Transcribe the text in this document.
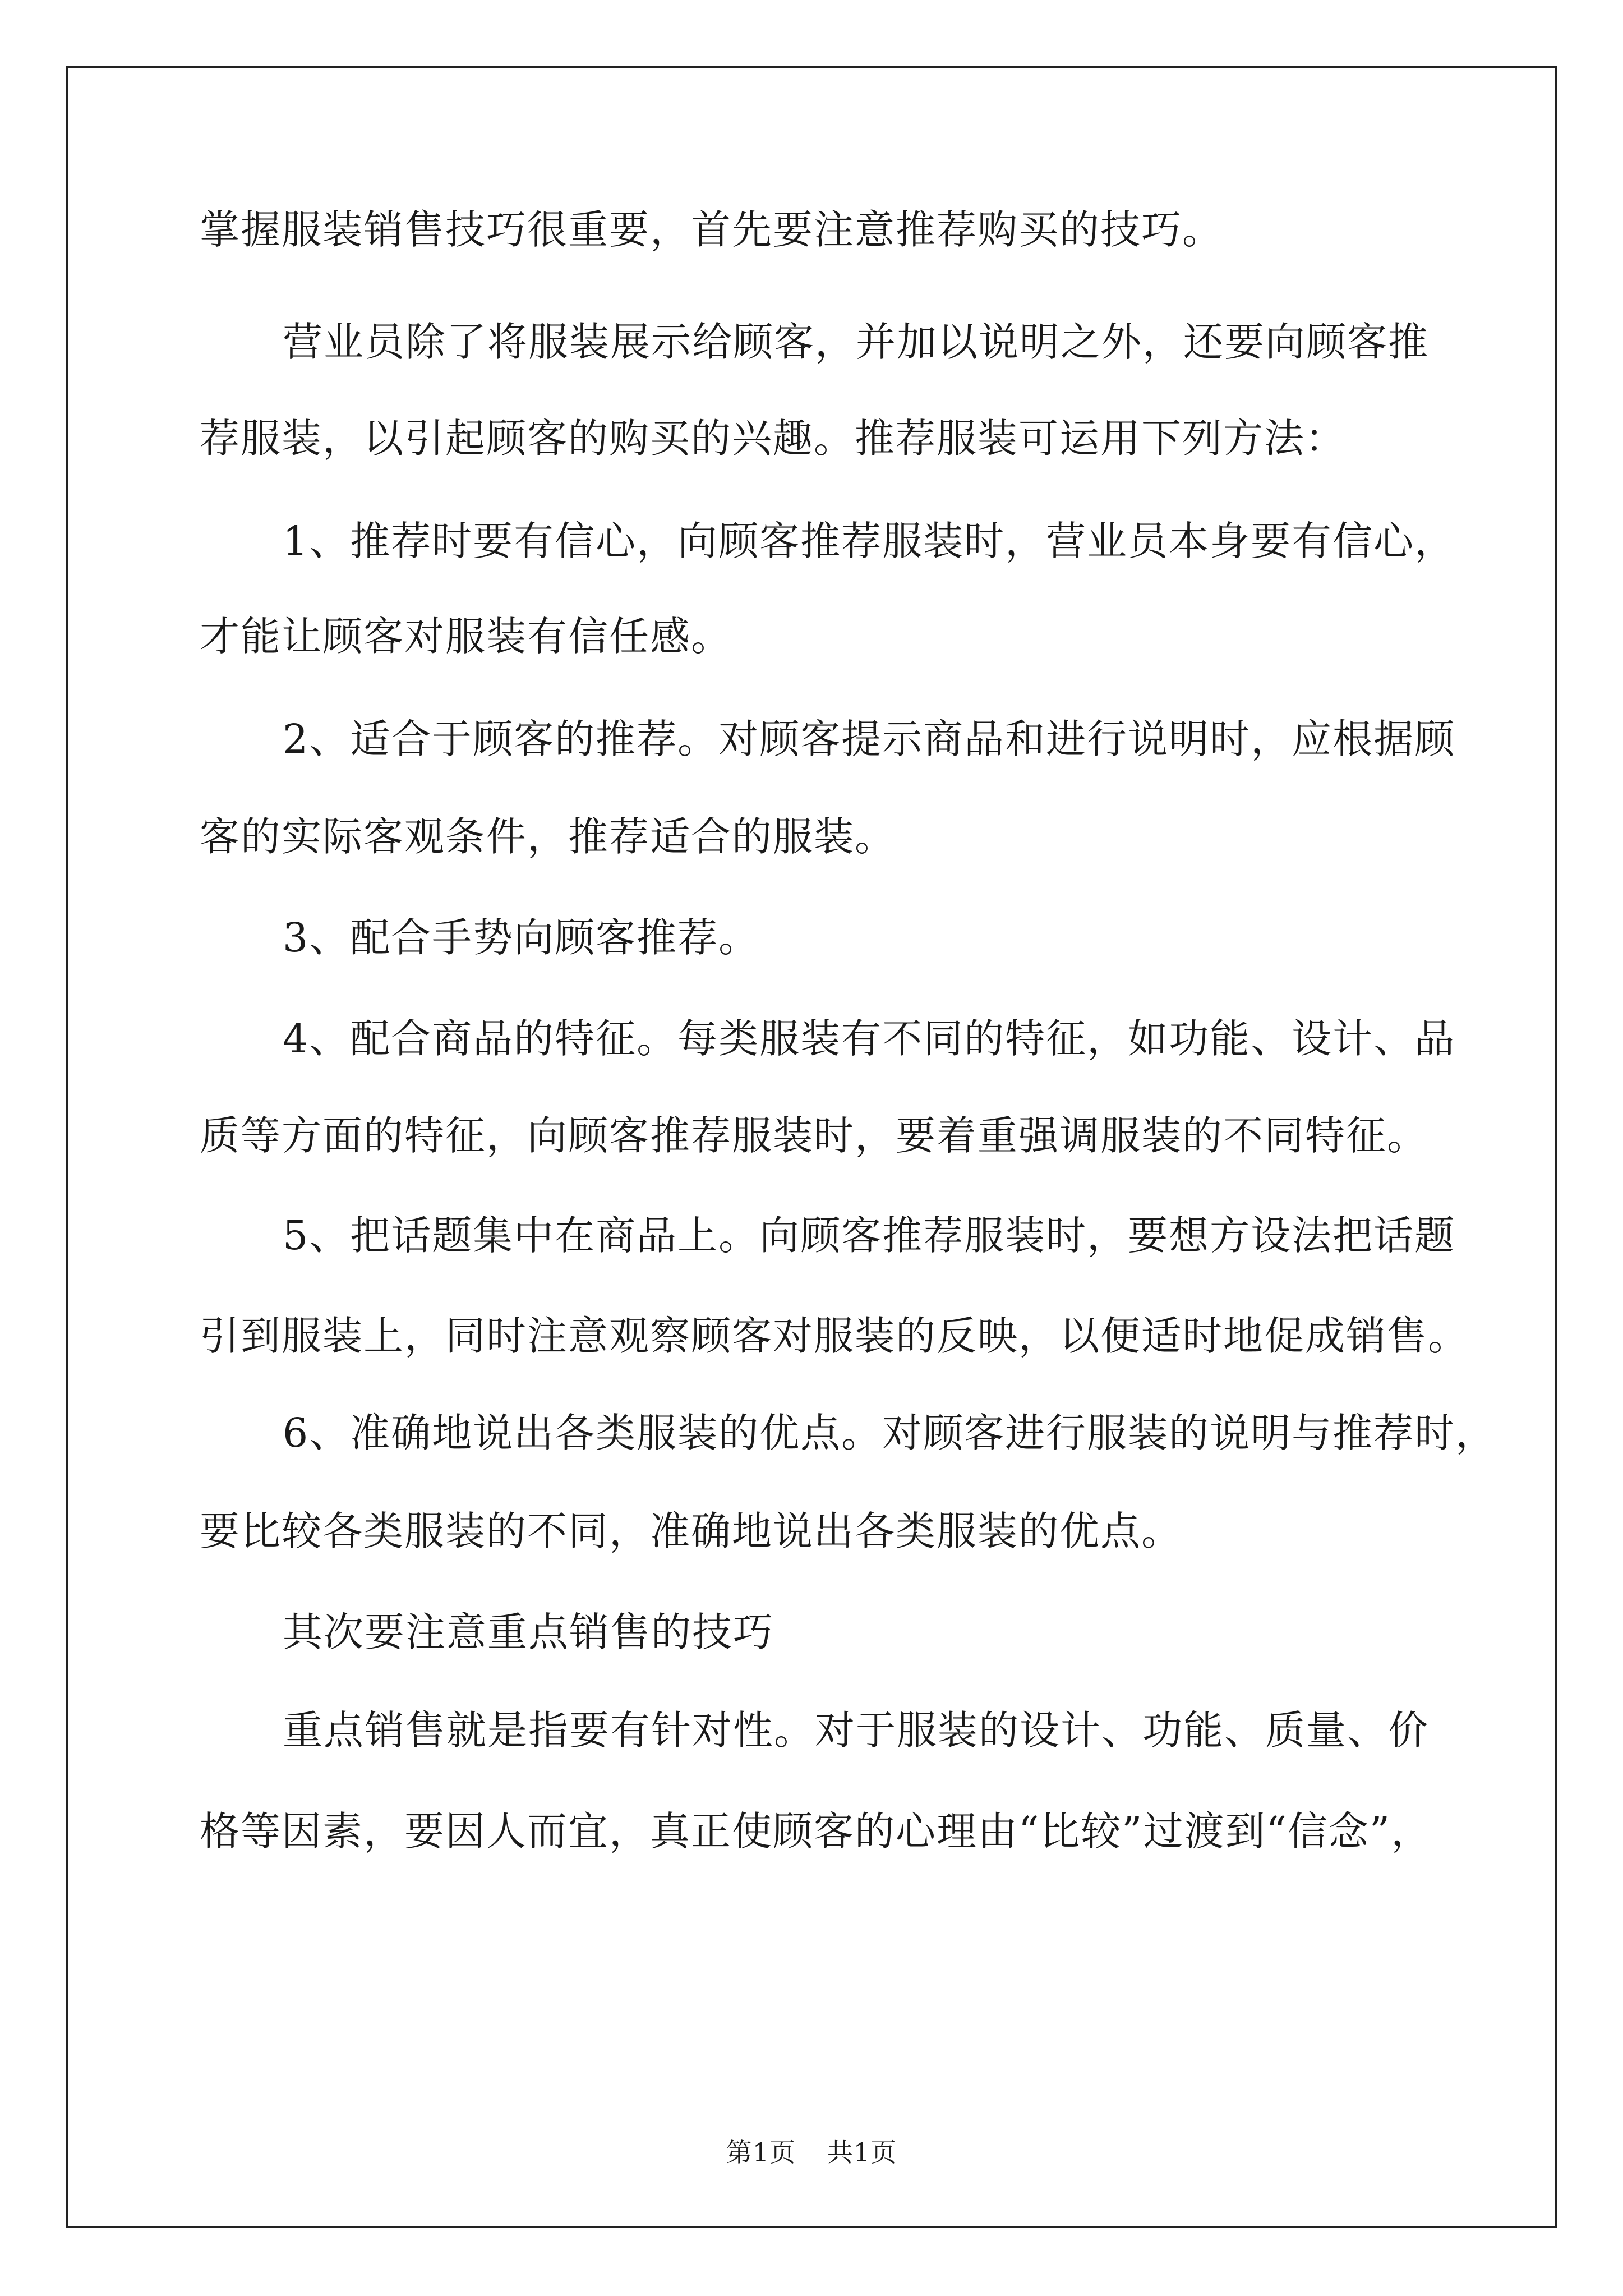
掌握服装销售技巧很重要，首先要注意推荐购买的技巧。
营业员除了将服装展示给顾客，并加以说明之外，还要向顾客推
荐服装，以引起顾客的购买的兴趣。推荐服装可运用下列方法：
1、推荐时要有信心，向顾客推荐服装时，营业员本身要有信心，
才能让顾客对服装有信任感。
2、适合于顾客的推荐。对顾客提示商品和进行说明时，应根据顾
客的实际客观条件，推荐适合的服装。
3、配合手势向顾客推荐。
4、配合商品的特征。每类服装有不同的特征，如功能、设计、品
质等方面的特征，向顾客推荐服装时，要着重强调服装的不同特征。
5、把话题集中在商品上。向顾客推荐服装时，要想方设法把话题
引到服装上，同时注意观察顾客对服装的反映，以便适时地促成销售。
6、准确地说出各类服装的优点。对顾客进行服装的说明与推荐时，
要比较各类服装的不同，准确地说出各类服装的优点。
其次要注意重点销售的技巧
重点销售就是指要有针对性。对于服装的设计、功能、质量、价
格等因素，要因人而宜，真正使顾客的心理由“比较”过渡到“信念”，
第1页 共1页
